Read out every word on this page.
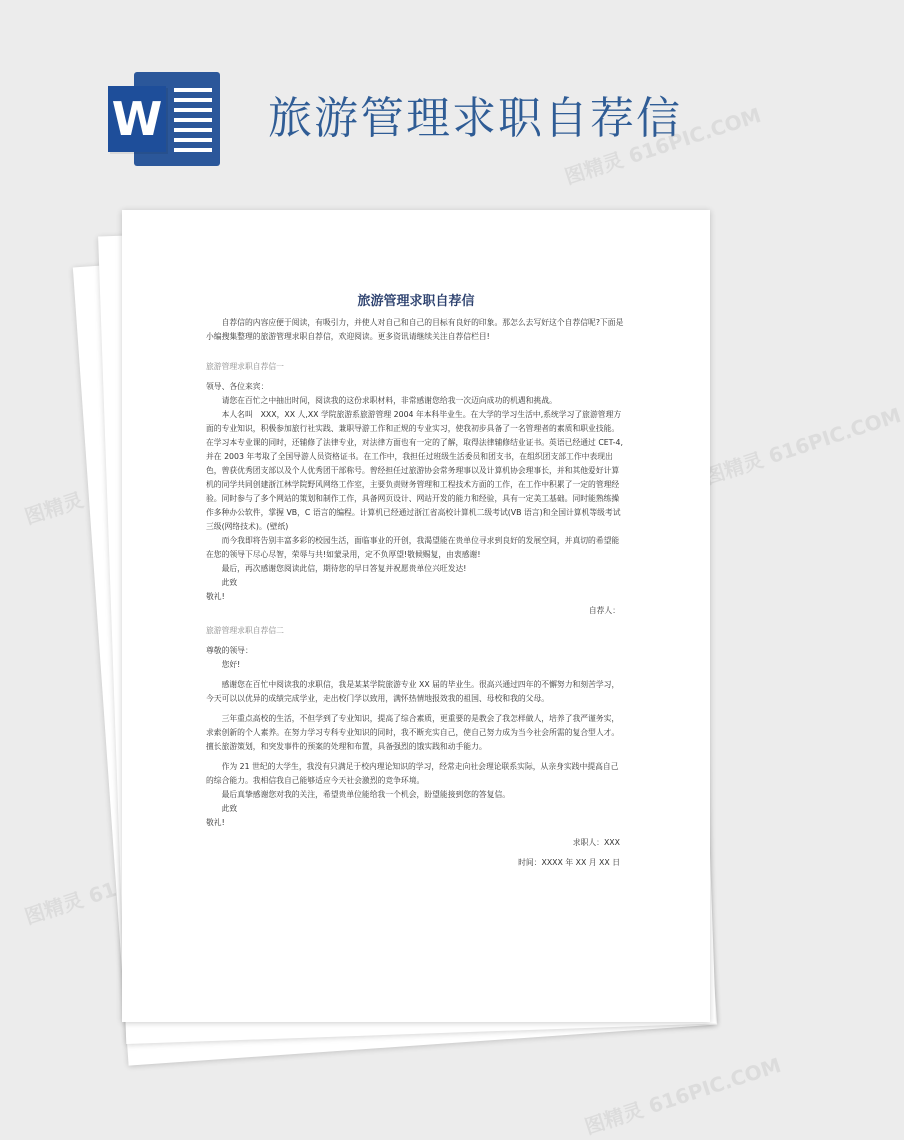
W 旅游管理求职自荐信
图精灵 616PIC.COM
图精灵 616PIC.COM
图精灵
图精灵
图精灵 616PIC.COM
旅游管理求职自荐信

自荐信的内容应便于阅读，有吸引力，并使人对自己和自己的目标有良好的印象。那怎么去写好这个自荐信呢?下面是小编搜集整理的旅游管理求职自荐信，欢迎阅读。更多资讯请继续关注自荐信栏目!

旅游管理求职自荐信一

领导、各位来宾：

请您在百忙之中抽出时间，阅读我的这份求职材料，非常感谢您给我一次迈向成功的机遇和挑战。

本人名叫　XXX，XX 人,XX 学院旅游系旅游管理 2004 年本科毕业生。在大学的学习生活中,系统学习了旅游管理方面的专业知识，积极参加旅行社实践、兼职导游工作和正规的专业实习，使我初步具备了一名管理者的素质和职业技能。在学习本专业课的同时，还辅修了法律专业，对法律方面也有一定的了解，取得法律辅修结业证书。英语已经通过 CET-4,并在 2003 年考取了全国导游人员资格证书。在工作中，我担任过班级生活委员和团支书，在组织团支部工作中表现出色，曾获优秀团支部以及个人优秀团干部称号。曾经担任过旅游协会常务理事以及计算机协会理事长，并和其他爱好计算机的同学共同创建浙江林学院野风网络工作室，主要负责财务管理和工程技术方面的工作，在工作中积累了一定的管理经验。同时参与了多个网站的策划和制作工作，具备网页设计、网站开发的能力和经验，具有一定美工基础。同时能熟练操作多种办公软件，掌握 VB，C 语言的编程。计算机已经通过浙江省高校计算机二级考试(VB 语言)和全国计算机等级考试三级(网络技术)。(壁纸)

而今我即将告别丰富多彩的校园生活，面临事业的开创，我渴望能在贵单位寻求到良好的发展空间，并真切的希望能在您的领导下尽心尽智，荣辱与共!如蒙录用，定不负厚望!敬候赐复，由衷感谢!

最后，再次感谢您阅读此信，期待您的早日答复并祝愿贵单位兴旺发达!

此致

敬礼!

自荐人：

旅游管理求职自荐信二

尊敬的领导：

您好!

感谢您在百忙中阅读我的求职信，我是某某学院旅游专业 XX 届的毕业生。很高兴通过四年的不懈努力和刻苦学习，今天可以以优异的成绩完成学业，走出校门学以致用，满怀热情地报效我的祖国、母校和我的父母。

三年重点高校的生活，不但学到了专业知识，提高了综合素质，更重要的是教会了我怎样做人，培养了我严谨务实，求索创新的个人素养。在努力学习专科专业知识的同时，我不断充实自己，使自己努力成为当今社会所需的复合型人才。擅长旅游策划，和突发事件的预案的处理和布置，具备强烈的饿实践和动手能力。

作为 21 世纪的大学生，我没有只满足于校内理论知识的学习，经常走向社会理论联系实际，从亲身实践中提高自己的综合能力。我相信我自己能够适应今天社会激烈的竞争环境。

最后真挚感谢您对我的关注，希望贵单位能给我一个机会，盼望能接到您的答复信。

此致

敬礼!

求职人：XXX

时间：XXXX 年 XX 月 XX 日
